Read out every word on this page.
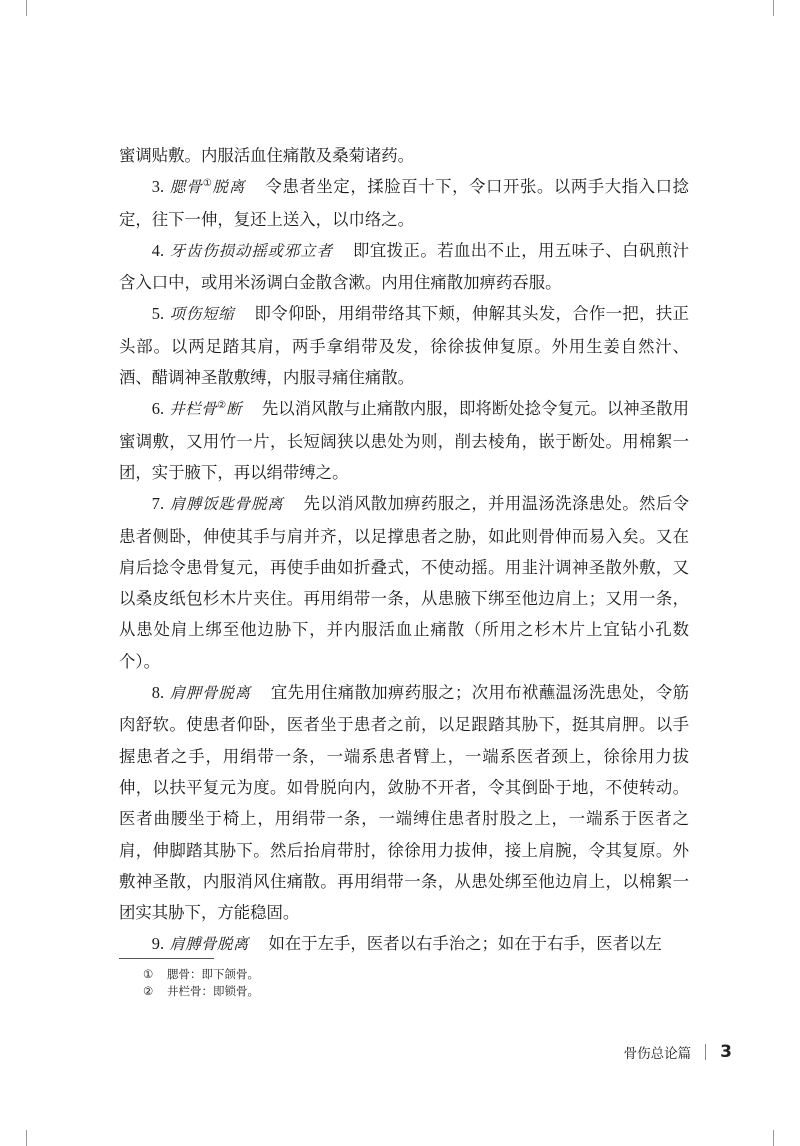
蜜调贴敷。内服活血住痛散及桑菊诸药。

3. 腮骨①脱离 令患者坐定，揉脸百十下，令口开张。以两手大指入口捻定，往下一伸，复还上送入，以巾络之。

4. 牙齿伤损动摇或邪立者 即宜拨正。若血出不止，用五味子、白矾煎汁含入口中，或用米汤调白金散含漱。内用住痛散加痹药吞服。

5. 项伤短缩 即令仰卧，用绢带络其下颊，伸解其头发，合作一把，扶正头部。以两足踏其肩，两手拿绢带及发，徐徐拔伸复原。外用生姜自然汁、酒、醋调神圣散敷缚，内服寻痛住痛散。

6. 井栏骨②断 先以消风散与止痛散内服，即将断处捻令复元。以神圣散用蜜调敷，又用竹一片，长短阔狭以患处为则，削去棱角，嵌于断处。用棉絮一团，实于腋下，再以绢带缚之。

7. 肩膊饭匙骨脱离 先以消风散加痹药服之，并用温汤洗涤患处。然后令患者侧卧，伸使其手与肩并齐，以足撑患者之胁，如此则骨伸而易入矣。又在肩后捻令患骨复元，再使手曲如折叠式，不使动摇。用韭汁调神圣散外敷，又以桑皮纸包杉木片夹住。再用绢带一条，从患腋下绑至他边肩上；又用一条，从患处肩上绑至他边胁下，并内服活血止痛散（所用之杉木片上宜钻小孔数个）。

8. 肩胛骨脱离 宜先用住痛散加痹药服之；次用布袱蘸温汤洗患处，令筋肉舒软。使患者仰卧，医者坐于患者之前，以足跟踏其胁下，挺其肩胛。以手握患者之手，用绢带一条，一端系患者臂上，一端系医者颈上，徐徐用力拔伸，以扶平复元为度。如骨脱向内，敛胁不开者，令其倒卧于地，不使转动。医者曲腰坐于椅上，用绢带一条，一端缚住患者肘股之上，一端系于医者之肩，伸脚踏其胁下。然后抬肩带肘，徐徐用力拔伸，接上肩腕，令其复原。外敷神圣散，内服消风住痛散。再用绢带一条，从患处绑至他边肩上，以棉絮一团实其胁下，方能稳固。

9. 肩膊骨脱离 如在于左手，医者以右手治之；如在于右手，医者以左

① 腮骨：即下颌骨。
② 井栏骨：即锁骨。
骨伤总论篇 3
